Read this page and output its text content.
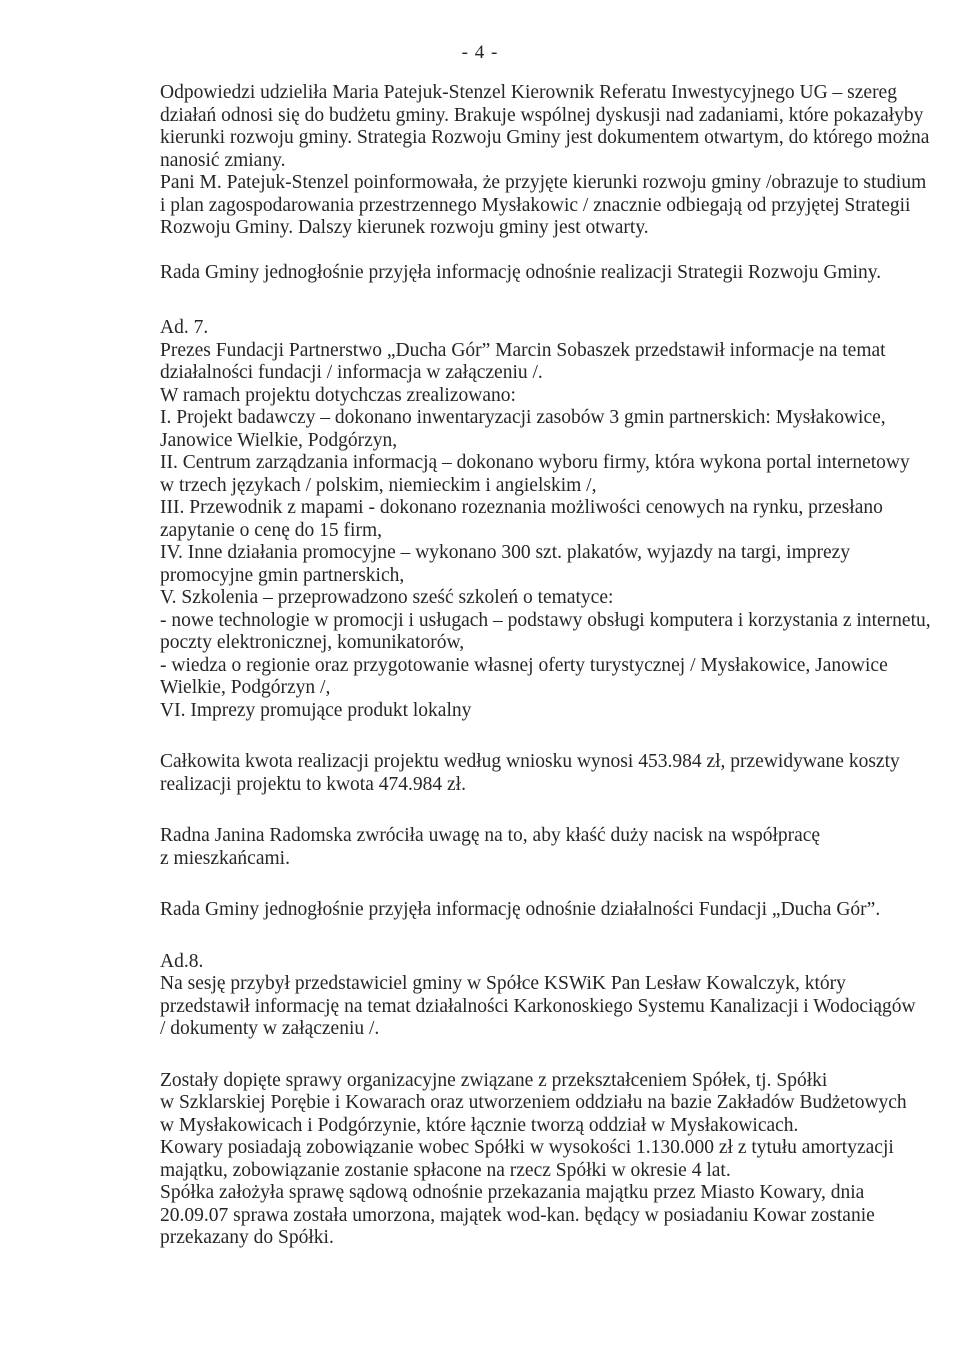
- 4 -
Odpowiedzi udzieliła Maria Patejuk-Stenzel Kierownik Referatu Inwestycyjnego UG – szereg
działań odnosi się do budżetu gminy. Brakuje wspólnej dyskusji nad zadaniami, które pokazałyby
kierunki rozwoju gminy. Strategia Rozwoju Gminy jest dokumentem otwartym, do którego można
nanosić zmiany.
Pani M. Patejuk-Stenzel poinformowała, że przyjęte kierunki rozwoju gminy /obrazuje to studium
i plan zagospodarowania przestrzennego Mysłakowic / znacznie odbiegają od przyjętej Strategii
Rozwoju Gminy. Dalszy kierunek rozwoju gminy jest otwarty.
Rada Gminy jednogłośnie przyjęła informację odnośnie realizacji Strategii Rozwoju Gminy.
Ad. 7.
Prezes Fundacji Partnerstwo „Ducha Gór” Marcin Sobaszek przedstawił informacje na temat
działalności fundacji / informacja w załączeniu /.
W ramach projektu dotychczas zrealizowano:
I. Projekt badawczy – dokonano inwentaryzacji zasobów 3 gmin partnerskich: Mysłakowice,
Janowice Wielkie, Podgórzyn,
II. Centrum zarządzania informacją – dokonano wyboru firmy, która wykona portal internetowy
w trzech językach / polskim, niemieckim i angielskim /,
III. Przewodnik z mapami - dokonano rozeznania możliwości cenowych na rynku, przesłano
zapytanie o cenę do 15 firm,
IV. Inne działania promocyjne – wykonano 300 szt. plakatów, wyjazdy na targi, imprezy
promocyjne gmin partnerskich,
V. Szkolenia – przeprowadzono sześć szkoleń o tematyce:
- nowe technologie w promocji i usługach – podstawy obsługi komputera i korzystania z internetu,
poczty elektronicznej, komunikatorów,
- wiedza o regionie oraz przygotowanie własnej oferty turystycznej / Mysłakowice, Janowice
Wielkie, Podgórzyn /,
VI. Imprezy promujące produkt lokalny
Całkowita kwota realizacji projektu według wniosku wynosi 453.984 zł, przewidywane koszty
realizacji projektu to kwota 474.984 zł.
Radna Janina Radomska zwróciła uwagę na to, aby kłaść duży nacisk na współpracę
z mieszkańcami.
Rada Gminy jednogłośnie przyjęła informację odnośnie działalności Fundacji „Ducha Gór”.
Ad.8.
Na sesję przybył przedstawiciel gminy w Spółce KSWiK Pan Lesław Kowalczyk, który
przedstawił informację na temat działalności Karkonoskiego Systemu Kanalizacji i Wodociągów
/ dokumenty w załączeniu /.
Zostały dopięte sprawy organizacyjne związane z przekształceniem Spółek, tj. Spółki
w Szklarskiej Porębie i Kowarach oraz utworzeniem oddziału na bazie Zakładów Budżetowych
w Mysłakowicach i Podgórzynie, które łącznie tworzą oddział w Mysłakowicach.
Kowary posiadają zobowiązanie wobec Spółki w wysokości 1.130.000 zł z tytułu amortyzacji
majątku, zobowiązanie zostanie spłacone na rzecz Spółki w okresie 4 lat.
Spółka założyła sprawę sądową odnośnie przekazania majątku przez Miasto Kowary, dnia
20.09.07 sprawa została umorzona, majątek wod-kan. będący w posiadaniu Kowar zostanie
przekazany do Spółki.
